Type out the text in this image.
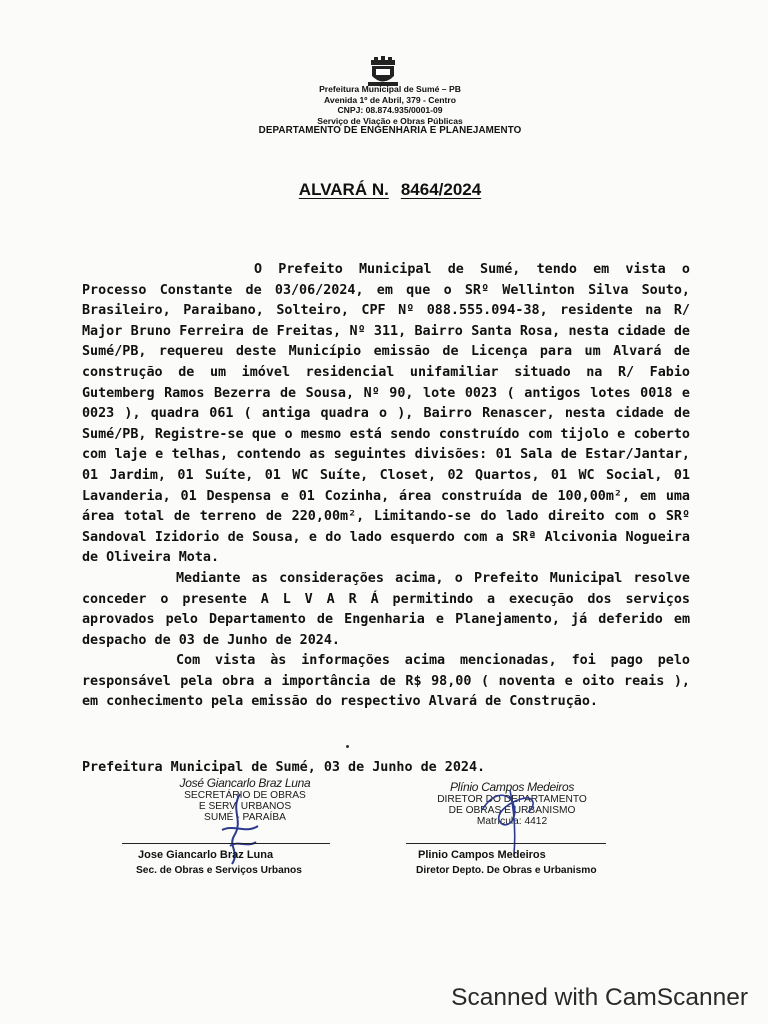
Prefeitura Municipal de Sumé – PB
Avenida 1º de Abril, 379 - Centro
CNPJ: 08.874.935/0001-09
Serviço de Viação e Obras Públicas
DEPARTAMENTO DE ENGENHARIA E PLANEJAMENTO
ALVARÁ N. 8464/2024

O Prefeito Municipal de Sumé, tendo em vista o Processo Constante de 03/06/2024, em que o SRº Wellinton Silva Souto, Brasileiro, Paraibano, Solteiro, CPF Nº 088.555.094-38, residente na R/ Major Bruno Ferreira de Freitas, Nº 311, Bairro Santa Rosa, nesta cidade de Sumé/PB, requereu deste Município emissão de Licença para um Alvará de construção de um imóvel residencial unifamiliar situado na R/ Fabio Gutemberg Ramos Bezerra de Sousa, Nº 90, lote 0023 ( antigos lotes 0018 e 0023 ), quadra 061 ( antiga quadra o ), Bairro Renascer, nesta cidade de Sumé/PB, Registre-se que o mesmo está sendo construído com tijolo e coberto com laje e telhas, contendo as seguintes divisões: 01 Sala de Estar/Jantar, 01 Jardim, 01 Suíte, 01 WC Suíte, Closet, 02 Quartos, 01 WC Social, 01 Lavanderia, 01 Despensa e 01 Cozinha, área construída de 100,00m², em uma área total de terreno de 220,00m², Limitando-se do lado direito com o SRº Sandoval Izidorio de Sousa, e do lado esquerdo com a SRª Alcivonia Nogueira de Oliveira Mota.

Mediante as considerações acima, o Prefeito Municipal resolve conceder o presente A L V A R Á permitindo a execução dos serviços aprovados pelo Departamento de Engenharia e Planejamento, já deferido em despacho de 03 de Junho de 2024.

Com vista às informações acima mencionadas, foi pago pelo responsável pela obra a importância de R$ 98,00 ( noventa e oito reais ), em conhecimento pela emissão do respectivo Alvará de Construção.

Prefeitura Municipal de Sumé, 03 de Junho de 2024.
José Giancarlo Braz Luna
SECRETÁRIO DE OBRAS
E SERV. URBANOS
SUMÉ - PARAÍBA
Plínio Campos Medeiros
DIRETOR DO DEPARTAMENTO
DE OBRAS E URBANISMO
Matrícula: 4412
Jose Giancarlo Braz Luna
Sec. de Obras e Serviços Urbanos
Plinio Campos Medeiros
Diretor Depto. De Obras e Urbanismo
Scanned with CamScanner
